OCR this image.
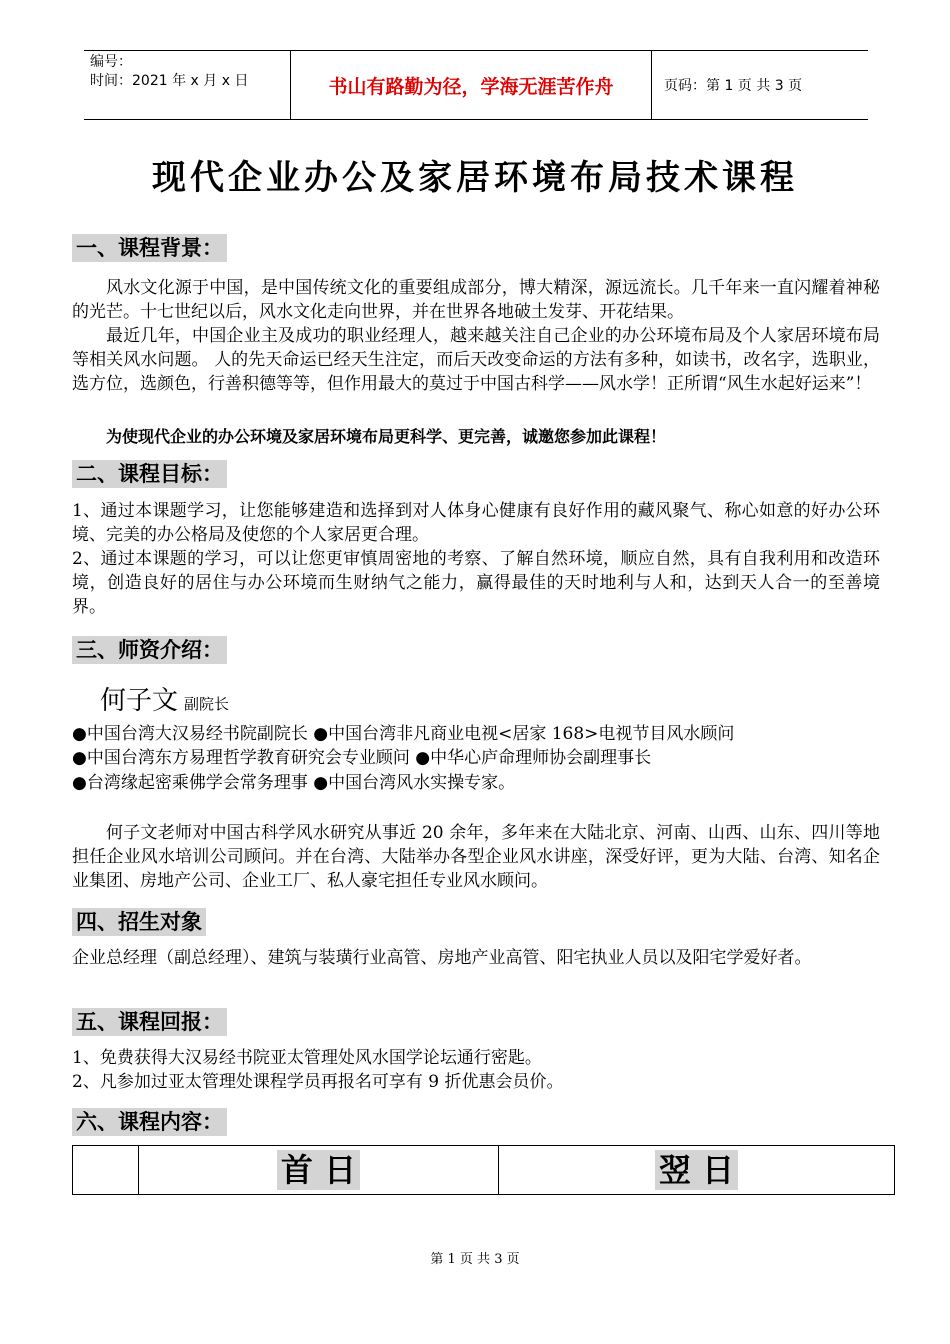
编号：
时间：2021 年 x 月 x 日	书山有路勤为径，学海无涯苦作舟	页码：第 1 页 共 3 页
现代企业办公及家居环境布局技术课程
一、课程背景：

风水文化源于中国，是中国传统文化的重要组成部分，博大精深，源远流长。几千年来一直闪耀着神秘的光芒。十七世纪以后，风水文化走向世界，并在世界各地破土发芽、开花结果。

最近几年，中国企业主及成功的职业经理人，越来越关注自己企业的办公环境布局及个人家居环境布局等相关风水问题。 人的先天命运已经天生注定，而后天改变命运的方法有多种，如读书，改名字，选职业，选方位，选颜色，行善积德等等，但作用最大的莫过于中国古科学——风水学！正所谓“风生水起好运来”！

为使现代企业的办公环境及家居环境布局更科学、更完善，诚邀您参加此课程！

二、课程目标：

1、通过本课题学习，让您能够建造和选择到对人体身心健康有良好作用的藏风聚气、称心如意的好办公环境、完美的办公格局及使您的个人家居更合理。

2、通过本课题的学习，可以让您更审慎周密地的考察、了解自然环境，顺应自然，具有自我利用和改造环境，创造良好的居住与办公环境而生财纳气之能力，赢得最佳的天时地利与人和，达到天人合一的至善境界。

三、师资介绍：
何子文 副院长
●中国台湾大汉易经书院副院长 ●中国台湾非凡商业电视<居家 168>电视节目风水顾问
●中国台湾东方易理哲学教育研究会专业顾问 ●中华心庐命理师协会副理事长
●台湾缘起密乘佛学会常务理事 ●中国台湾风水实操专家。

何子文老师对中国古科学风水研究从事近 20 余年，多年来在大陆北京、河南、山西、山东、四川等地担任企业风水培训公司顾问。并在台湾、大陆举办各型企业风水讲座，深受好评，更为大陆、台湾、知名企业集团、房地产公司、企业工厂、私人豪宅担任专业风水顾问。

四、招生对象

企业总经理（副总经理）、建筑与装璜行业高管、房地产业高管、阳宅执业人员以及阳宅学爱好者。

五、课程回报：

1、免费获得大汉易经书院亚太管理处风水国学论坛通行密匙。

2、凡参加过亚太管理处课程学员再报名可享有 9 折优惠会员价。

六、课程内容：
	首 日	翌 日
第 1 页 共 3 页
